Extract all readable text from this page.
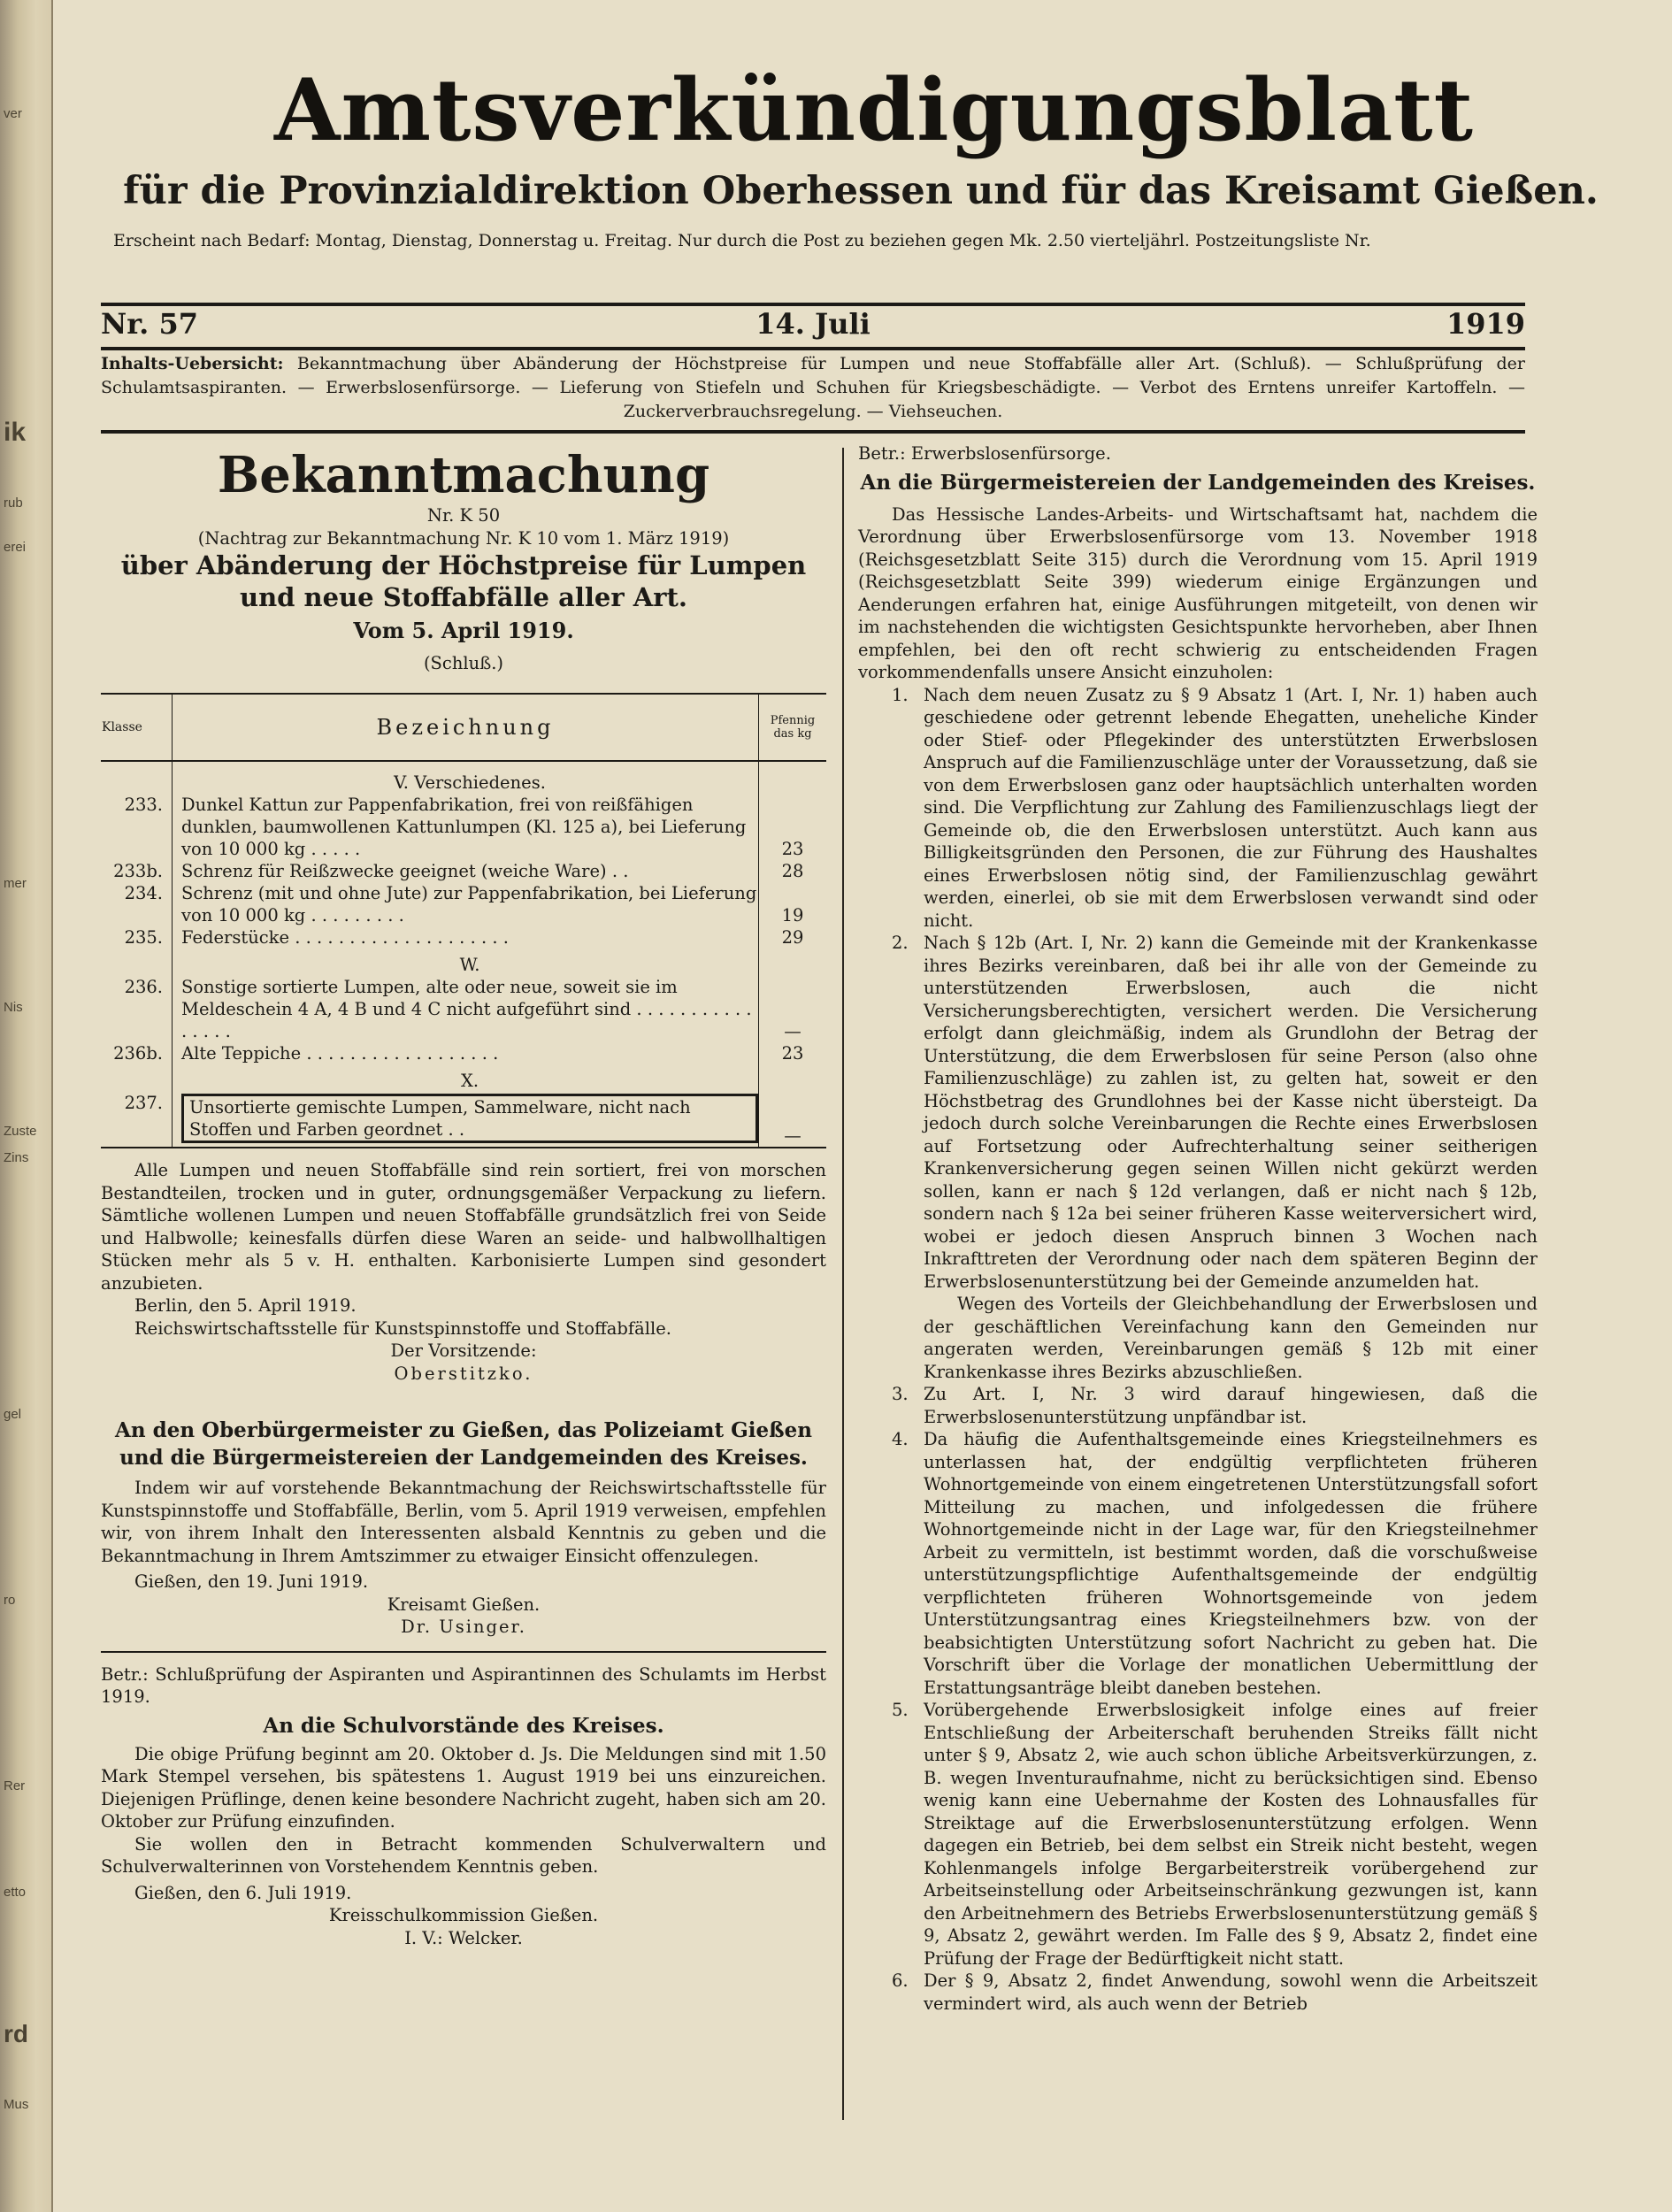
ver
ik
rub
erei
mer
Nis
Zuste
Zins
gel
ro
Rer
etto
rd
Mus
Amtsverkündigungsblatt

für die Provinzialdirektion Oberhessen und für das Kreisamt Gießen.

Erscheint nach Bedarf: Montag, Dienstag, Donnerstag u. Freitag. Nur durch die Post zu beziehen gegen Mk. 2.50 vierteljährl. Postzeitungsliste Nr.

14. Juli
Nr. 57	1919
Inhalts-Uebersicht: Bekanntmachung über Abänderung der Höchstpreise für Lumpen und neue Stoffabfälle aller Art. (Schluß). — Schlußprüfung der Schulamtsaspiranten. — Erwerbslosenfürsorge. — Lieferung von Stiefeln und Schuhen für Kriegsbeschädigte. — Verbot des Erntens unreifer Kartoffeln. — Zuckerverbrauchsregelung. — Viehseuchen.
Bekanntmachung

Nr. K 50

(Nachtrag zur Bekanntmachung Nr. K 10 vom 1. März 1919)

über Abänderung der Höchstpreise für Lumpen und neue Stoffabfälle aller Art.

Vom 5. April 1919.

(Schluß.)

Klasse	Bezeichnung	Pfennig das kg
	V. Verschiedenes.	
233.	Dunkel Kattun zur Pappenfabrikation, frei von reißfähigen dunklen, baumwollenen Kattunlumpen (Kl. 125 a), bei Lieferung von 10 000 kg . . . . .	23
233b.	Schrenz für Reißzwecke geeignet (weiche Ware) . .	28
234.	Schrenz (mit und ohne Jute) zur Pappenfabrikation, bei Lieferung von 10 000 kg . . . . . . . . .	19
235.	Federstücke . . . . . . . . . . . . . . . . . . . .	29
	W.	
236.	Sonstige sortierte Lumpen, alte oder neue, soweit sie im Meldeschein 4 A, 4 B und 4 C nicht aufgeführt sind . . . . . . . . . . . . . . . .	—
236b.	Alte Teppiche . . . . . . . . . . . . . . . . . .	23
	X.	
237.	Unsortierte gemischte Lumpen, Sammelware, nicht nach Stoffen und Farben geordnet . .	—

Alle Lumpen und neuen Stoffabfälle sind rein sortiert, frei von morschen Bestandteilen, trocken und in guter, ordnungsgemäßer Verpackung zu liefern. Sämtliche wollenen Lumpen und neuen Stoffabfälle grundsätzlich frei von Seide und Halbwolle; keinesfalls dürfen diese Waren an seide- und halbwollhaltigen Stücken mehr als 5 v. H. enthalten. Karbonisierte Lumpen sind gesondert anzubieten.

Berlin, den 5. April 1919.

Reichswirtschaftsstelle für Kunstspinnstoffe und Stoffabfälle.

Der Vorsitzende:

Oberstitzko.

An den Oberbürgermeister zu Gießen, das Polizeiamt Gießen und die Bürgermeistereien der Landgemeinden des Kreises.

Indem wir auf vorstehende Bekanntmachung der Reichswirtschaftsstelle für Kunstspinnstoffe und Stoffabfälle, Berlin, vom 5. April 1919 verweisen, empfehlen wir, von ihrem Inhalt den Interessenten alsbald Kenntnis zu geben und die Bekanntmachung in Ihrem Amtszimmer zu etwaiger Einsicht offenzulegen.

Gießen, den 19. Juni 1919.

Kreisamt Gießen.

Dr. Usinger.

Betr.: Schlußprüfung der Aspiranten und Aspirantinnen des Schulamts im Herbst 1919.

An die Schulvorstände des Kreises.

Die obige Prüfung beginnt am 20. Oktober d. Js. Die Meldungen sind mit 1.50 Mark Stempel versehen, bis spätestens 1. August 1919 bei uns einzureichen. Diejenigen Prüflinge, denen keine besondere Nachricht zugeht, haben sich am 20. Oktober zur Prüfung einzufinden.

Sie wollen den in Betracht kommenden Schulverwaltern und Schulverwalterinnen von Vorstehendem Kenntnis geben.

Gießen, den 6. Juli 1919.

Kreisschulkommission Gießen.

I. V.: Welcker.

Betr.: Erwerbslosenfürsorge.

An die Bürgermeistereien der Landgemeinden des Kreises.

Das Hessische Landes-Arbeits- und Wirtschaftsamt hat, nachdem die Verordnung über Erwerbslosenfürsorge vom 13. November 1918 (Reichsgesetzblatt Seite 315) durch die Verordnung vom 15. April 1919 (Reichsgesetzblatt Seite 399) wiederum einige Ergänzungen und Aenderungen erfahren hat, einige Ausführungen mitgeteilt, von denen wir im nachstehenden die wichtigsten Gesichtspunkte hervorheben, aber Ihnen empfehlen, bei den oft recht schwierig zu entscheidenden Fragen vorkommendenfalls unsere Ansicht einzuholen:

1. Nach dem neuen Zusatz zu § 9 Absatz 1 (Art. I, Nr. 1) haben auch geschiedene oder getrennt lebende Ehegatten, uneheliche Kinder oder Stief- oder Pflegekinder des unterstützten Erwerbslosen Anspruch auf die Familienzuschläge unter der Voraussetzung, daß sie von dem Erwerbslosen ganz oder hauptsächlich unterhalten worden sind. Die Verpflichtung zur Zahlung des Familienzuschlags liegt der Gemeinde ob, die den Erwerbslosen unterstützt. Auch kann aus Billigkeitsgründen den Personen, die zur Führung des Haushaltes eines Erwerbslosen nötig sind, der Familienzuschlag gewährt werden, einerlei, ob sie mit dem Erwerbslosen verwandt sind oder nicht.
2. Nach § 12b (Art. I, Nr. 2) kann die Gemeinde mit der Krankenkasse ihres Bezirks vereinbaren, daß bei ihr alle von der Gemeinde zu unterstützenden Erwerbslosen, auch die nicht Versicherungsberechtigten, versichert werden. Die Versicherung erfolgt dann gleichmäßig, indem als Grundlohn der Betrag der Unterstützung, die dem Erwerbslosen für seine Person (also ohne Familienzuschläge) zu zahlen ist, zu gelten hat, soweit er den Höchstbetrag des Grundlohnes bei der Kasse nicht übersteigt. Da jedoch durch solche Vereinbarungen die Rechte eines Erwerbslosen auf Fortsetzung oder Aufrechterhaltung seiner seitherigen Krankenversicherung gegen seinen Willen nicht gekürzt werden sollen, kann er nach § 12d verlangen, daß er nicht nach § 12b, sondern nach § 12a bei seiner früheren Kasse weiterversichert wird, wobei er jedoch diesen Anspruch binnen 3 Wochen nach Inkrafttreten der Verordnung oder nach dem späteren Beginn der Erwerbslosenunterstützung bei der Gemeinde anzumelden hat.

Wegen des Vorteils der Gleichbehandlung der Erwerbslosen und der geschäftlichen Vereinfachung kann den Gemeinden nur angeraten werden, Vereinbarungen gemäß § 12b mit einer Krankenkasse ihres Bezirks abzuschließen.

3. Zu Art. I, Nr. 3 wird darauf hingewiesen, daß die Erwerbslosenunterstützung unpfändbar ist.
4. Da häufig die Aufenthaltsgemeinde eines Kriegsteilnehmers es unterlassen hat, der endgültig verpflichteten früheren Wohnortgemeinde von einem eingetretenen Unterstützungsfall sofort Mitteilung zu machen, und infolgedessen die frühere Wohnortgemeinde nicht in der Lage war, für den Kriegsteilnehmer Arbeit zu vermitteln, ist bestimmt worden, daß die vorschußweise unterstützungspflichtige Aufenthaltsgemeinde der endgültig verpflichteten früheren Wohnortsgemeinde von jedem Unterstützungsantrag eines Kriegsteilnehmers bzw. von der beabsichtigten Unterstützung sofort Nachricht zu geben hat. Die Vorschrift über die Vorlage der monatlichen Uebermittlung der Erstattungsanträge bleibt daneben bestehen.
5. Vorübergehende Erwerbslosigkeit infolge eines auf freier Entschließung der Arbeiterschaft beruhenden Streiks fällt nicht unter § 9, Absatz 2, wie auch schon übliche Arbeitsverkürzungen, z. B. wegen Inventuraufnahme, nicht zu berücksichtigen sind. Ebenso wenig kann eine Uebernahme der Kosten des Lohnausfalles für Streiktage auf die Erwerbslosenunterstützung erfolgen. Wenn dagegen ein Betrieb, bei dem selbst ein Streik nicht besteht, wegen Kohlenmangels infolge Bergarbeiterstreik vorübergehend zur Arbeitseinstellung oder Arbeitseinschränkung gezwungen ist, kann den Arbeitnehmern des Betriebs Erwerbslosenunterstützung gemäß § 9, Absatz 2, gewährt werden. Im Falle des § 9, Absatz 2, findet eine Prüfung der Frage der Bedürftigkeit nicht statt.
6. Der § 9, Absatz 2, findet Anwendung, sowohl wenn die Arbeitszeit vermindert wird, als auch wenn der Betrieb
